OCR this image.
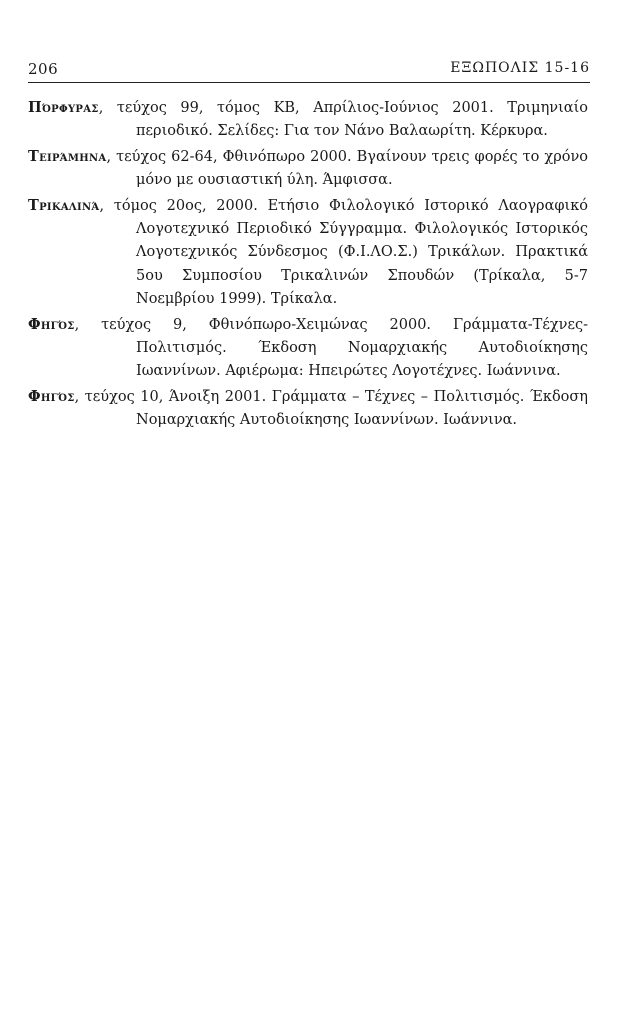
206	ΕΞΩΠΟΛΙΣ 15-16

Πόρφυρας, τεύχος 99, τόμος ΚΒ, Απρίλιος-Ιούνιος 2001. Τριμηνιαίο περιοδικό. Σελίδες: Για τον Νάνο Βαλαωρίτη. Κέρκυρα.

Τειράμηνα, τεύχος 62-64, Φθινόπωρο 2000. Βγαίνουν τρεις φορές το χρόνο μόνο με ουσιαστική ύλη. Άμφισσα.

Τρικαλινά, τόμος 20ος, 2000. Ετήσιο Φιλολογικό Ιστορικό Λαογραφικό Λογοτεχνικό Περιοδικό Σύγγραμμα. Φιλολογικός Ιστορικός Λογοτεχνικός Σύνδεσμος (Φ.Ι.ΛΟ.Σ.) Τρικάλων. Πρακτικά 5ου Συμποσίου Τρικαλινών Σπουδών (Τρίκαλα, 5-7 Νοεμβρίου 1999). Τρίκαλα.

Φηγός, τεύχος 9, Φθινόπωρο-Χειμώνας 2000. Γράμματα-Τέχνες-Πολιτισμός. Έκδοση Νομαρχιακής Αυτοδιοίκησης Ιωαννίνων. Αφιέρωμα: Ηπειρώτες Λογοτέχνες. Ιωάννινα.

Φηγός, τεύχος 10, Άνοιξη 2001. Γράμματα – Τέχνες – Πολιτισμός. Έκδοση Νομαρχιακής Αυτοδιοίκησης Ιωαννίνων. Ιωάννινα.
